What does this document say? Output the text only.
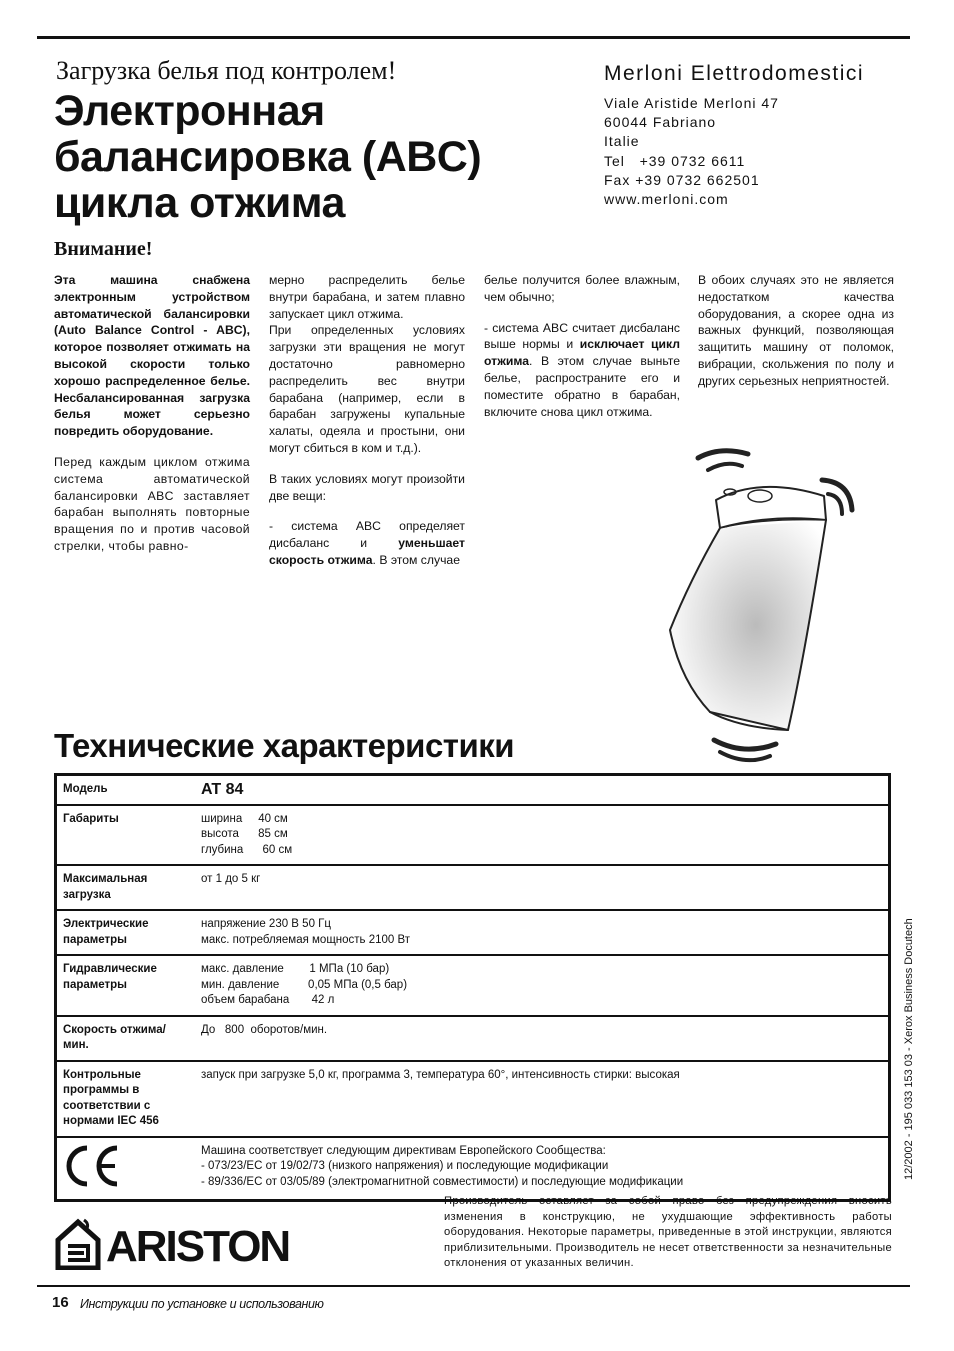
Загрузка белья под контролем!
Электронная
балансировка (ABC)
цикла отжима
Merloni Elettrodomestici
Viale Aristide Merloni 47
60044 Fabriano
Italie
Tel   +39 0732 6611
Fax +39 0732 662501
www.merloni.com
Внимание!

Эта машина снабжена электронным устройством автоматической балансировки (Auto Balance Control - ABC), которое позволяет отжимать на высокой скорости только хорошо распределенное белье. Несбалансированная загрузка белья может серьезно повредить оборудование.

Перед каждым циклом отжима система автоматической балансировки ABC заставляет барабан выполнять повторные вращения по и против часовой стрелки, чтобы равно-

мерно распределить белье внутри барабана, и затем плавно запускает цикл отжима.

При определенных условиях загрузки эти вращения не могут достаточно равномерно распределить вес внутри барабана (например, если в барабан загружены купальные халаты, одеяла и простыни, они могут сбиться в ком и т.д.).

В таких условиях могут произойти две вещи:

- система ABC определяет дисбаланс и уменьшает скорость отжима. В этом случае

белье получится более влажным, чем обычно;

- система ABC считает дисбаланс выше нормы и исключает цикл отжима. В этом случае выньте белье, распространите его и поместите обратно в барабан, включите снова цикл отжима.

В обоих случаях это не является недостатком качества оборудования, а скорее одна из важных функций, позволяющая защитить машину от поломок, вибрации, скольжения по полу и других серьезных неприятностей.

Технические характеристики
Модель	AT 84

Габариты	ширина     40 см
высота      85 см
глубина      60 см

Максимальная загрузка	от 1 до 5 кг

Электрические параметры	напряжение 230 В 50 Гц
макс. потребляемая мощность 2100 Вт

Гидравлические параметры	макс. давление        1 МПа (10 бар)
мин. давление         0,05 МПа (0,5 бар)
объем барабана       42 л

Скорость отжима/мин.	До   800  оборотов/мин.

Контрольные программы в соответствии с нормами IEC 456	запуск при загрузке 5,0 кг, программа 3, температура 60°, интенсивность стирки: высокая

Машина соответствует следующим директивам Европейского Сообщества:
- 073/23/EC от 19/02/73 (низкого напряжения) и последующие модификации
- 89/336/EC от 03/05/89 (электромагнитной совместимости) и последующие модификации
12/2002 - 195 033 153 03 - Xerox Business Docutech
Производитель оставляет за собой право без предупреждения вносить изменения в конструкцию, не ухудшающие эффективность работы оборудования. Некоторые параметры, приведенные в этой инструкции, являются приблизительными. Производитель не несет ответственности за незначительные отклонения от указанных величин.
ARISTON
16 Инструкции по установке и использованию
